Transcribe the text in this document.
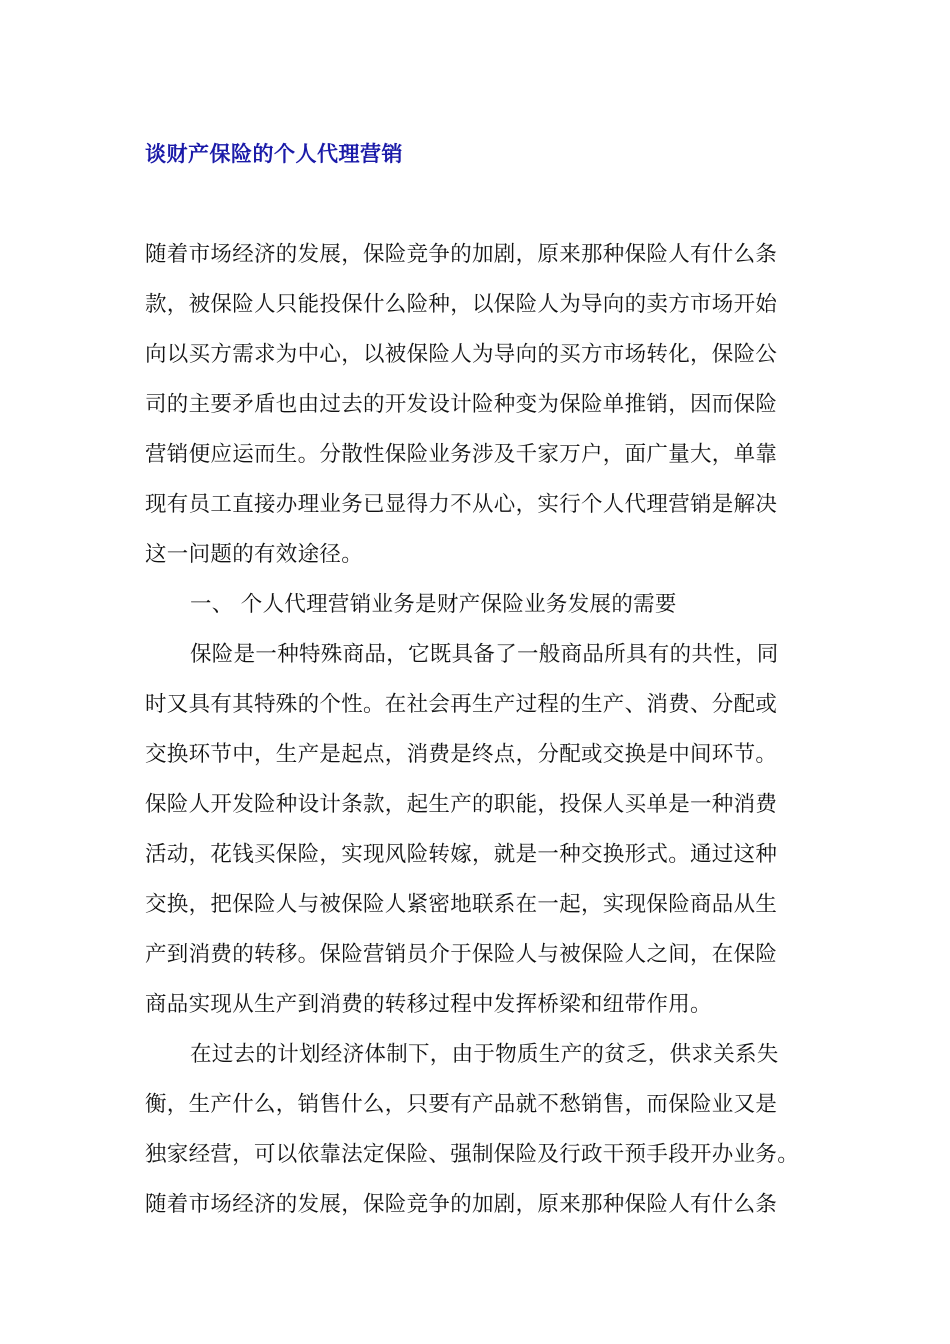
谈财产保险的个人代理营销
随着市场经济的发展，保险竞争的加剧，原来那种保险人有什么条
款，被保险人只能投保什么险种，以保险人为导向的卖方市场开始
向以买方需求为中心，以被保险人为导向的买方市场转化，保险公
司的主要矛盾也由过去的开发设计险种变为保险单推销，因而保险
营销便应运而生。分散性保险业务涉及千家万户，面广量大，单靠
现有员工直接办理业务已显得力不从心，实行个人代理营销是解决
这一问题的有效途径。
一、 个人代理营销业务是财产保险业务发展的需要
保险是一种特殊商品，它既具备了一般商品所具有的共性，同
时又具有其特殊的个性。在社会再生产过程的生产、消费、分配或
交换环节中，生产是起点，消费是终点，分配或交换是中间环节。
保险人开发险种设计条款，起生产的职能，投保人买单是一种消费
活动，花钱买保险，实现风险转嫁，就是一种交换形式。通过这种
交换，把保险人与被保险人紧密地联系在一起，实现保险商品从生
产到消费的转移。保险营销员介于保险人与被保险人之间，在保险
商品实现从生产到消费的转移过程中发挥桥梁和纽带作用。
在过去的计划经济体制下，由于物质生产的贫乏，供求关系失
衡，生产什么，销售什么，只要有产品就不愁销售，而保险业又是
独家经营，可以依靠法定保险、强制保险及行政干预手段开办业务。
随着市场经济的发展，保险竞争的加剧，原来那种保险人有什么条
